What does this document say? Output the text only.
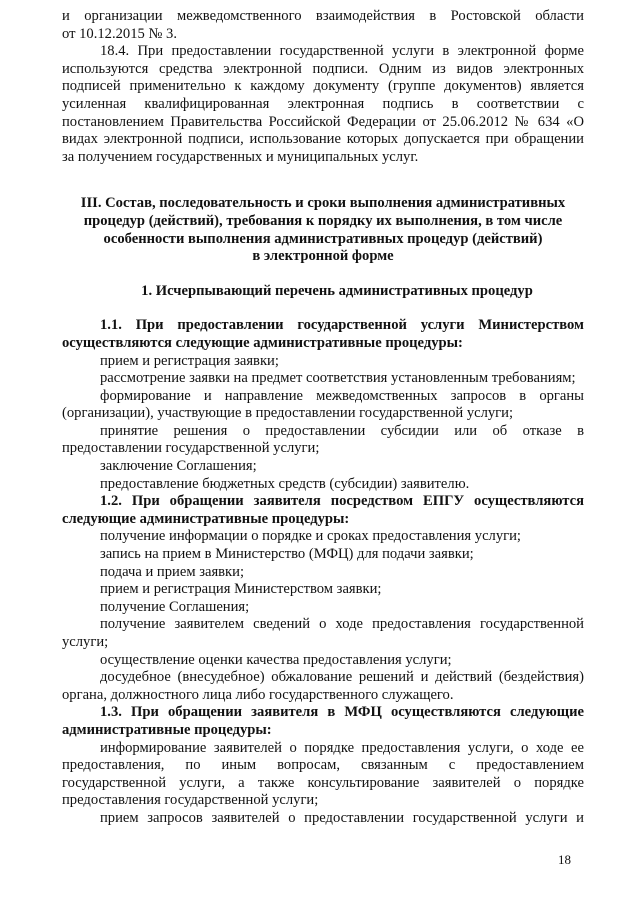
и организации межведомственного взаимодействия в Ростовской области

от 10.12.2015 № 3.

18.4. При предоставлении государственной услуги в электронной форме используются средства электронной подписи. Одним из видов электронных подписей применительно к каждому документу (группе документов) является усиленная квалифицированная электронная подпись в соответствии с постановлением Правительства Российской Федерации от 25.06.2012 № 634 «О видах электронной подписи, использование которых допускается при обращении за получением государственных и муниципальных услуг.

III. Состав, последовательность и сроки выполнения административных

процедур (действий), требования к порядку их выполнения, в том числе

особенности выполнения административных процедур (действий)

в электронной форме

1. Исчерпывающий перечень административных процедур

1.1. При предоставлении государственной услуги Министерством осуществляются следующие административные процедуры:

прием и регистрация заявки;

рассмотрение заявки на предмет соответствия установленным требованиям;

формирование и направление межведомственных запросов в органы (организации), участвующие в предоставлении государственной услуги;

принятие решения о предоставлении субсидии или об отказе в предоставлении государственной услуги;

заключение Соглашения;

предоставление бюджетных средств (субсидии) заявителю.

1.2. При обращении заявителя посредством ЕПГУ осуществляются следующие административные процедуры:

получение информации о порядке и сроках предоставления услуги;

запись на прием в Министерство (МФЦ) для подачи заявки;

подача и прием заявки;

прием и регистрация Министерством заявки;

получение Соглашения;

получение заявителем сведений о ходе предоставления государственной услуги;

осуществление оценки качества предоставления услуги;

досудебное (внесудебное) обжалование решений и действий (бездействия) органа, должностного лица либо государственного служащего.

1.3. При обращении заявителя в МФЦ осуществляются следующие административные процедуры:

информирование заявителей о порядке предоставления услуги, о ходе ее предоставления, по иным вопросам, связанным с предоставлением государственной услуги, а также консультирование заявителей о порядке предоставления государственной услуги;

прием запросов заявителей о предоставлении государственной услуги и

18
